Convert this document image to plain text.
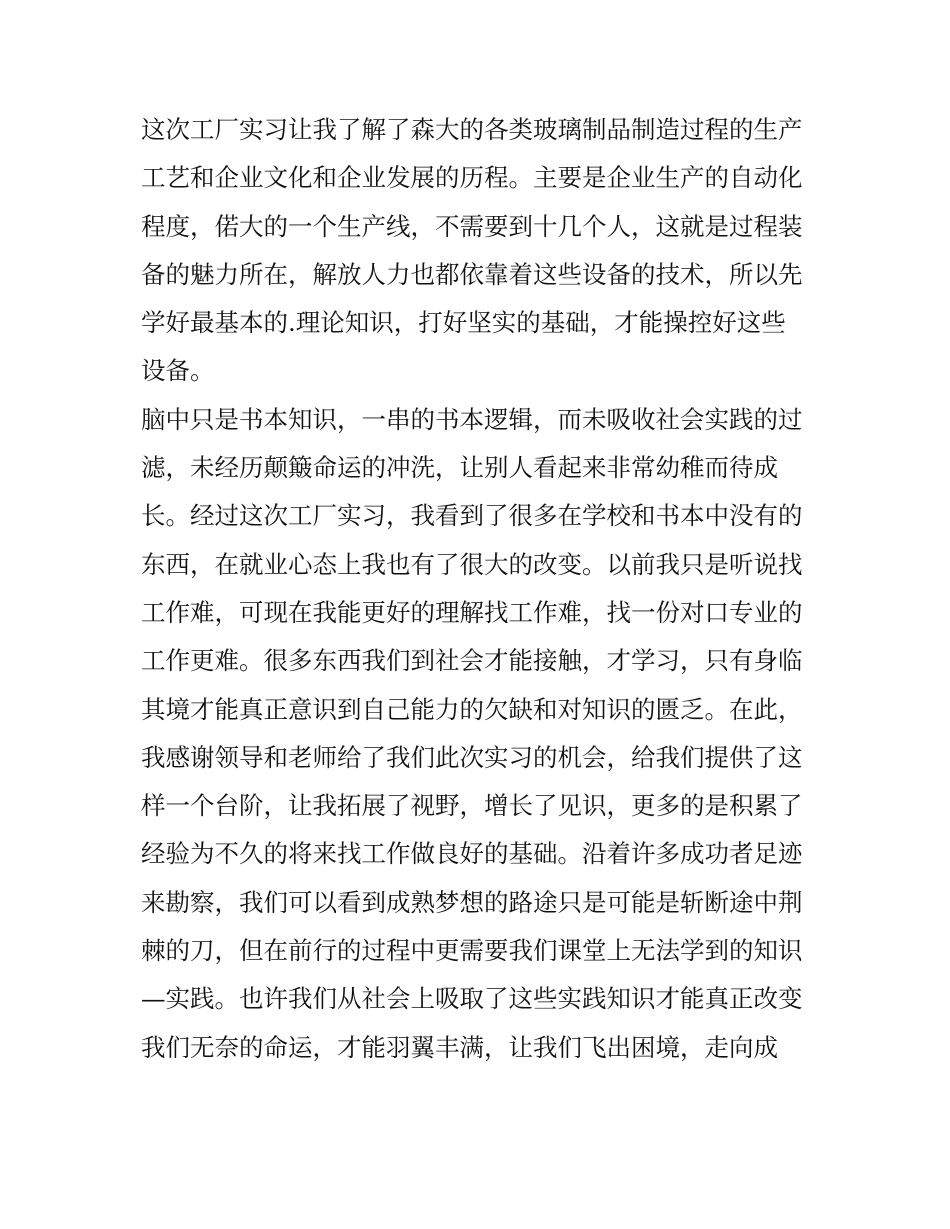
这次工厂实习让我了解了森大的各类玻璃制品制造过程的生产
工艺和企业文化和企业发展的历程。主要是企业生产的自动化
程度，偌大的一个生产线，不需要到十几个人，这就是过程装
备的魅力所在，解放人力也都依靠着这些设备的技术，所以先
学好最基本的.理论知识，打好坚实的基础，才能操控好这些
设备。
脑中只是书本知识，一串的书本逻辑，而未吸收社会实践的过
滤，未经历颠簸命运的冲洗，让别人看起来非常幼稚而待成
长。经过这次工厂实习，我看到了很多在学校和书本中没有的
东西，在就业心态上我也有了很大的改变。以前我只是听说找
工作难，可现在我能更好的理解找工作难，找一份对口专业的
工作更难。很多东西我们到社会才能接触，才学习，只有身临
其境才能真正意识到自己能力的欠缺和对知识的匮乏。在此，
我感谢领导和老师给了我们此次实习的机会，给我们提供了这
样一个台阶，让我拓展了视野，增长了见识，更多的是积累了
经验为不久的将来找工作做良好的基础。沿着许多成功者足迹
来勘察，我们可以看到成熟梦想的路途只是可能是斩断途中荆
棘的刀，但在前行的过程中更需要我们课堂上无法学到的知识
—实践。也许我们从社会上吸取了这些实践知识才能真正改变
我们无奈的命运，才能羽翼丰满，让我们飞出困境，走向成
